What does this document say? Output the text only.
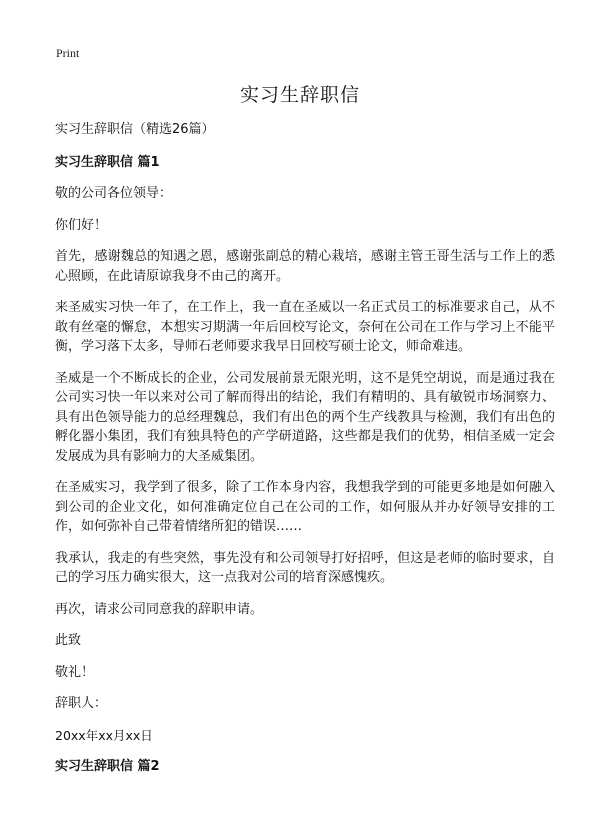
Print
实习生辞职信

实习生辞职信（精选26篇）

实习生辞职信 篇1

敬的公司各位领导：

你们好！

首先，感谢魏总的知遇之恩，感谢张副总的精心栽培，感谢主管王哥生活与工作上的悉心照顾，在此请原谅我身不由己的离开。

来圣威实习快一年了，在工作上，我一直在圣威以一名正式员工的标准要求自己，从不敢有丝毫的懈怠，本想实习期满一年后回校写论文，奈何在公司在工作与学习上不能平衡，学习落下太多，导师石老师要求我早日回校写硕士论文，师命难违。

圣威是一个不断成长的企业，公司发展前景无限光明，这不是凭空胡说，而是通过我在公司实习快一年以来对公司了解而得出的结论，我们有精明的、具有敏锐市场洞察力、具有出色领导能力的总经理魏总，我们有出色的两个生产线教具与检测，我们有出色的孵化器小集团，我们有独具特色的产学研道路，这些都是我们的优势，相信圣威一定会发展成为具有影响力的大圣威集团。

在圣威实习，我学到了很多，除了工作本身内容，我想我学到的可能更多地是如何融入到公司的企业文化，如何准确定位自己在公司的工作，如何服从并办好领导安排的工作，如何弥补自己带着情绪所犯的错误……

我承认，我走的有些突然，事先没有和公司领导打好招呼，但这是老师的临时要求，自己的学习压力确实很大，这一点我对公司的培育深感愧疚。

再次，请求公司同意我的辞职申请。

此致

敬礼！

辞职人：

20xx年xx月xx日

实习生辞职信 篇2
